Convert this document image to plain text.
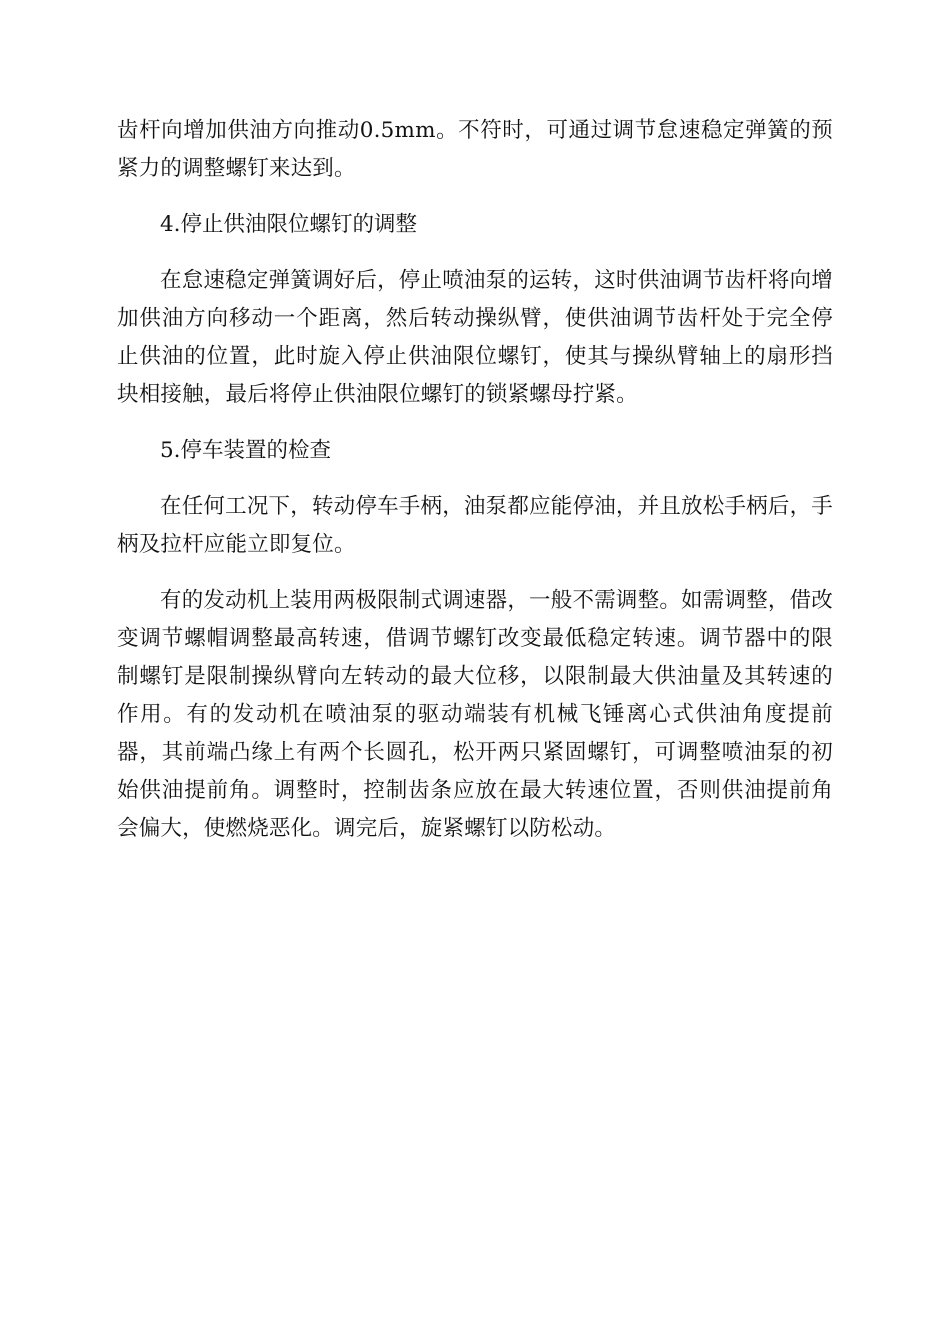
齿杆向增加供油方向推动0.5mm。不符时，可通过调节怠速稳定弹簧的预紧力的调整螺钉来达到。

4.停止供油限位螺钉的调整

在怠速稳定弹簧调好后，停止喷油泵的运转，这时供油调节齿杆将向增加供油方向移动一个距离，然后转动操纵臂，使供油调节齿杆处于完全停止供油的位置，此时旋入停止供油限位螺钉，使其与操纵臂轴上的扇形挡块相接触，最后将停止供油限位螺钉的锁紧螺母拧紧。

5.停车装置的检查

在任何工况下，转动停车手柄，油泵都应能停油，并且放松手柄后，手柄及拉杆应能立即复位。

有的发动机上装用两极限制式调速器，一般不需调整。如需调整，借改变调节螺帽调整最高转速，借调节螺钉改变最低稳定转速。调节器中的限制螺钉是限制操纵臂向左转动的最大位移，以限制最大供油量及其转速的作用。有的发动机在喷油泵的驱动端装有机械飞锤离心式供油角度提前器，其前端凸缘上有两个长圆孔，松开两只紧固螺钉，可调整喷油泵的初始供油提前角。调整时，控制齿条应放在最大转速位置，否则供油提前角会偏大，使燃烧恶化。调完后，旋紧螺钉以防松动。
